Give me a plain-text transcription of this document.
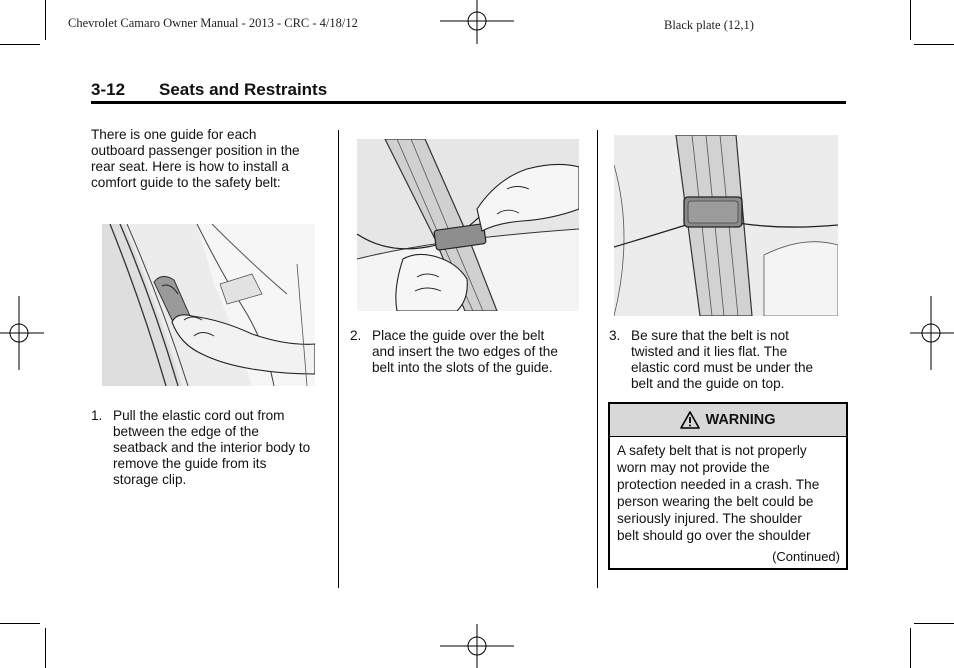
Chevrolet Camaro Owner Manual - 2013 - CRC - 4/18/12	Black plate (12,1)
3-12 Seats and Restraints
There is one guide for each
outboard passenger position in the
rear seat. Here is how to install a
comfort guide to the safety belt:
1. Pull the elastic cord out from
between the edge of the
seatback and the interior body to
remove the guide from its
storage clip.
2. Place the guide over the belt
and insert the two edges of the
belt into the slots of the guide.
3. Be sure that the belt is not
twisted and it lies flat. The
elastic cord must be under the
belt and the guide on top.
WARNING
A safety belt that is not properly
worn may not provide the
protection needed in a crash. The
person wearing the belt could be
seriously injured. The shoulder
belt should go over the shoulder
(Continued)
